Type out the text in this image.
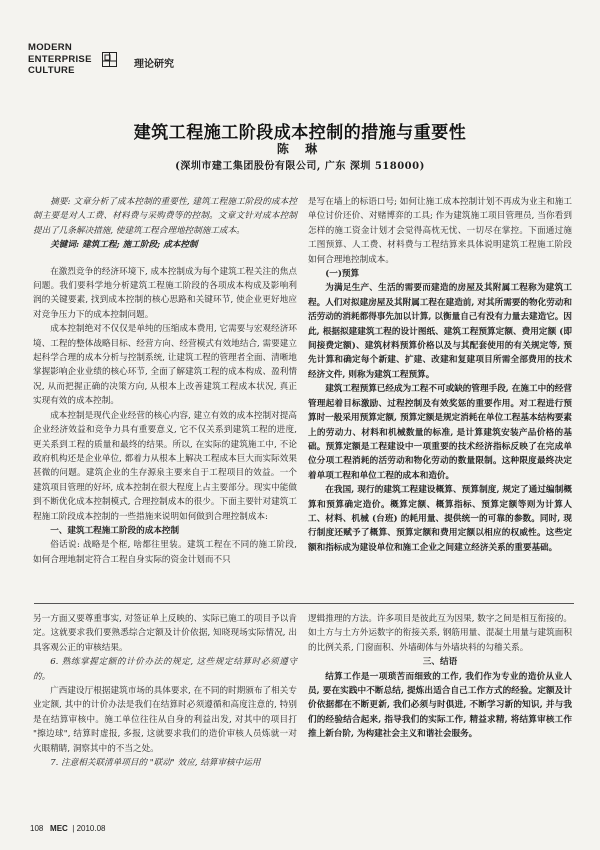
MODERN
ENTERPRISE
CULTURE
理论研究
建筑工程施工阶段成本控制的措施与重要性
陈 琳
(深圳市建工集团股份有限公司, 广东 深圳 518000)

摘要: 文章分析了成本控制的重要性, 建筑工程施工阶段的成本控制主要是对人工费、材料费与采购费等的控制。文章文针对成本控制提出了几条解决措施, 使建筑工程合理地控制施工成本。

关键词: 建筑工程; 施工阶段; 成本控制

在激烈竞争的经济环境下, 成本控制成为每个建筑工程关注的焦点问题。我们要科学地分析建筑工程施工阶段的各项成本构成及影响利润的关键要素, 找到成本控制的核心思路和关键环节, 使企业更好地应对竞争压力下的成本控制问题。

成本控制绝对不仅仅是单纯的压缩成本费用, 它需要与宏观经济环境、工程的整体战略目标、经营方向、经营模式有效地结合, 需要建立起科学合理的成本分析与控制系统, 让建筑工程的管理者全面、清晰地掌握影响企业业绩的核心环节, 全面了解建筑工程的成本构成、盈利情况, 从而把握正确的决策方向, 从根本上改善建筑工程成本状况, 真正实现有效的成本控制。

成本控制是现代企业经营的核心内容, 建立有效的成本控制对提高企业经济效益和竞争力具有重要意义, 它不仅关系到建筑工程的进度, 更关系到工程的质量和最终的结果。所以, 在实际的建筑施工中, 不论政府机构还是企业单位, 都着力从根本上解决工程成本巨大而实际效果甚微的问题。建筑企业的生存源泉主要来自于工程项目的效益。一个建筑项目管理的好坏, 成本控制在很大程度上占主要部分。现实中能做到不断优化成本控制模式, 合理控制成本的很少。下面主要针对建筑工程施工阶段成本控制的一些措施来说明如何做到合理控制成本:

一、建筑工程施工阶段的成本控制

俗话说: 战略是个框, 啥都往里装。建筑工程在不同的施工阶段, 如何合理地制定符合工程自身实际的资金计划而不只

是写在墙上的标语口号; 如何让施工成本控制计划不再成为业主和施工单位讨价还价、对赌博弈的工具; 作为建筑施工项目管理员, 当你看到怎样的施工资金计划才会觉得高枕无忧、一切尽在掌控。下面通过施工图预算、人工费、材料费与工程结算来具体说明建筑工程施工阶段如何合理地控制成本。

(一)预算

为满足生产、生活的需要而建造的房屋及其附属工程称为建筑工程。人们对拟建房屋及其附属工程在建造前, 对其所需要的物化劳动和活劳动的消耗都得事先加以计算, 以衡量自己有没有力量去建造它。因此, 根据拟建建筑工程的设计图纸、建筑工程预算定额、费用定额 (即间接费定额)、建筑材料预算价格以及与其配套使用的有关规定等, 预先计算和确定每个新建、扩建、改建和复建项目所需全部费用的技术经济文件, 则称为建筑工程预算。

建筑工程预算已经成为工程不可或缺的管理手段, 在施工中的经营管理起着目标激励、过程控制及有效奖惩的重要作用。对工程进行预算时一般采用预算定额, 预算定额是规定消耗在单位工程基本结构要素上的劳动力、材料和机械数量的标准, 是计算建筑安装产品价格的基础。预算定额是工程建设中一项重要的技术经济指标反映了在完成单位分项工程消耗的活劳动和物化劳动的数量限制。这种限度最终决定着单项工程和单位工程的成本和造价。

在我国, 现行的建筑工程建设概算、预算制度, 规定了通过编制概算和预算确定造价。概算定额、概算指标、预算定额等则为计算人工、材料、机械 (台班) 的耗用量、提供统一的可靠的参数。同时, 现行制度还赋予了概算、预算定额和费用定额以相应的权威性。这些定额和指标成为建设单位和施工企业之间建立经济关系的重要基础。

另一方面又要尊重事实, 对签证单上反映的、实际已施工的项目予以肯定。这就要求我们要熟悉综合定额及计价依据, 知晓现场实际情况, 出具客观公正的审核结果。

6. 熟练掌握定额的计价办法的规定, 这些规定结算时必须遵守的。

广西建设厅根据建筑市场的具体要求, 在不同的时期颁布了相关专业定额, 其中的计价办法是我们在结算时必须遵循和高度注意的, 特别是在结算审核中。施工单位往往从自身的利益出发, 对其中的项目打 "擦边球", 结算时虚报, 多报, 这就要求我们的造价审核人员炼就一对火眼精睛, 洞察其中的不当之处。

7. 注意相关联清单项目的 "联动" 效应, 结算审核中运用

逻辑推理的方法。许多项目是彼此互为因果, 数字之间是相互衔接的。如土方与土方外运数字的衔接关系, 钢筋用量、混凝土用量与建筑面积的比例关系, 门窗面积、外墙砌体与外墙块料的勾稽关系。

三、结语

结算工作是一项琐苦而细致的工作, 我们作为专业的造价从业人员, 要在实践中不断总结, 提炼出适合自己工作方式的经验。定额及计价依据都在不断更新, 我们必须与时俱进, 不断学习新的知识, 并与我们的经验结合起来, 指导我们的实际工作, 精益求精, 将结算审核工作推上新台阶, 为构建社会主义和谐社会服务。

108 MEC  | 2010.08
